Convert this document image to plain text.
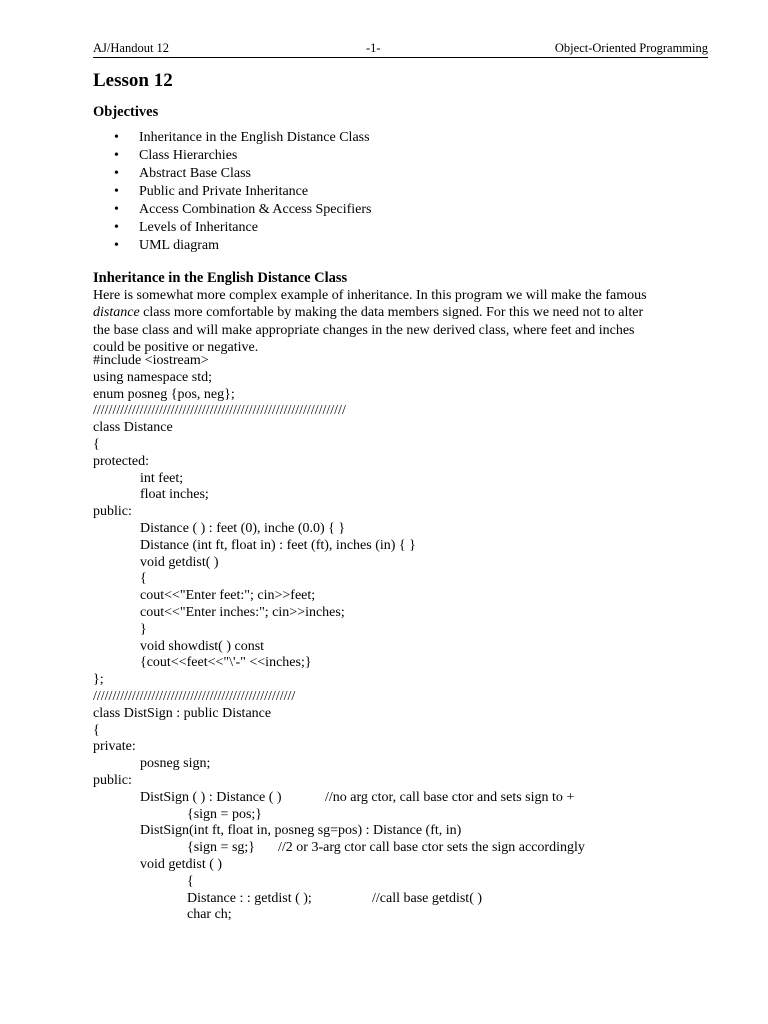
AJ/Handout 12	-1-	Object-Oriented Programming
Lesson 12
Objectives
• Inheritance in the English Distance Class
• Class Hierarchies
• Abstract Base Class
• Public and Private Inheritance
• Access Combination & Access Specifiers
• Levels of Inheritance
• UML diagram
Inheritance in the English Distance Class
Here is somewhat more complex example of inheritance. In this program we will make the famous
distance class more comfortable by making the data members signed. For this we need not to alter
the base class and will make appropriate changes in the new derived class, where feet and inches
could be positive or negative.
#include <iostream>
using namespace std;
enum posneg {pos, neg};
/////////////////////////////////////////////////////////////////
class Distance
{
protected:
int feet;
float inches;
public:
Distance ( ) : feet (0), inche (0.0) { }
Distance (int ft, float in) : feet (ft), inches (in) { }
void getdist( )
{
cout<<"Enter feet:"; cin>>feet;
cout<<"Enter inches:"; cin>>inches;
}
void showdist( ) const
{cout<<feet<<"\'-" <<inches;}
};
////////////////////////////////////////////////////
class DistSign : public Distance
{
private:
posneg sign;
public:
DistSign ( ) : Distance ( )	//no arg ctor, call base ctor and sets sign to +
{sign = pos;}
DistSign(int ft, float in, posneg sg=pos) : Distance (ft, in)
{sign = sg;} //2 or 3-arg ctor call base ctor sets the sign accordingly
void getdist ( )
{
Distance : : getdist ( );	//call base getdist( )
char ch;
